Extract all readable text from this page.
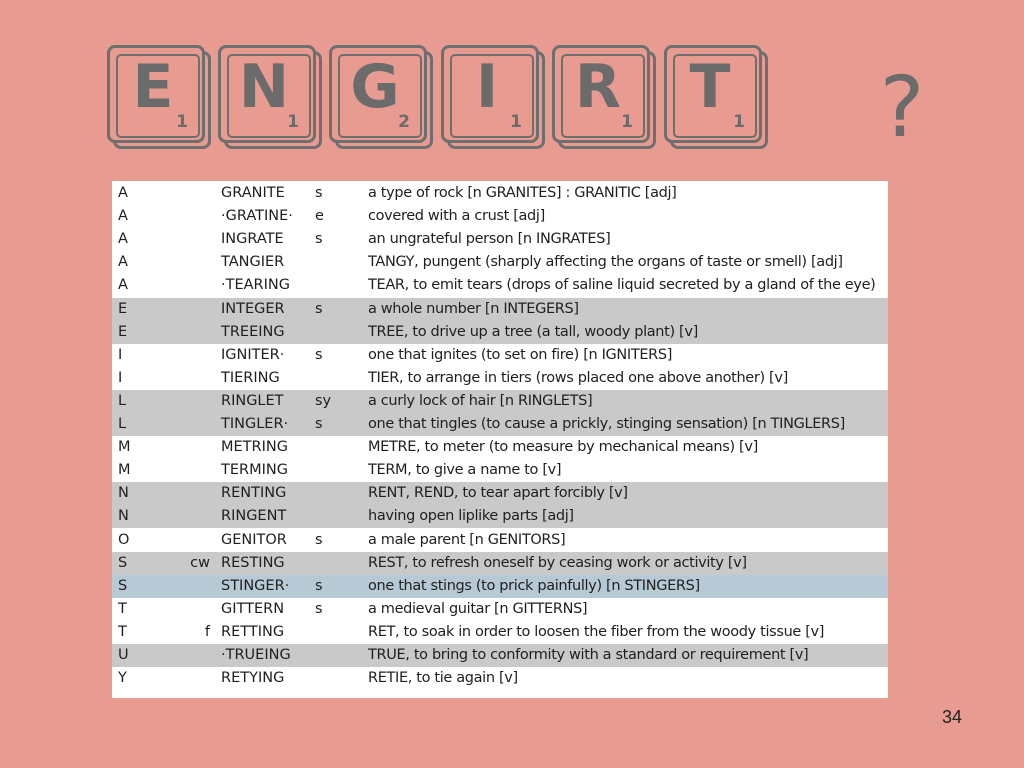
E 1 N
1 G
2	I 1 R 1 T 1 ?
A	GRANITE s	a type of rock [n GRANITES] : GRANITIC [adj]
A	·GRATINE· e	covered with a crust [adj]
A	INGRATE s	an ungrateful person [n INGRATES]
A	TANGIER	TANGY, pungent (sharply affecting the organs of taste or smell) [adj]
A	·TEARING	TEAR, to emit tears (drops of saline liquid secreted by a gland of the eye)
E	INTEGER s	a whole number [n INTEGERS]
E	TREEING	TREE, to drive up a tree (a tall, woody plant) [v]
I	IGNITER· s	one that ignites (to set on fire) [n IGNITERS]
I	TIERING	TIER, to arrange in tiers (rows placed one above another) [v]
L	RINGLET sy	a curly lock of hair [n RINGLETS]
L	TINGLER· s	one that tingles (to cause a prickly, stinging sensation) [n TINGLERS]
M	METRING	METRE, to meter (to measure by mechanical means) [v]
M	TERMING	TERM, to give a name to [v]
N	RENTING	RENT, REND, to tear apart forcibly [v]
N	RINGENT	having open liplike parts [adj]
O	GENITOR s	a male parent [n GENITORS]
S	cw RESTING	REST, to refresh oneself by ceasing work or activity [v]
S	STINGER· s	one that stings (to prick painfully) [n STINGERS]
T	GITTERN s	a medieval guitar [n GITTERNS]
T	f RETTING	RET, to soak in order to loosen the fiber from the woody tissue [v]
U	·TRUEING	TRUE, to bring to conformity with a standard or requirement [v]
Y	RETYING	RETIE, to tie again [v]
34
